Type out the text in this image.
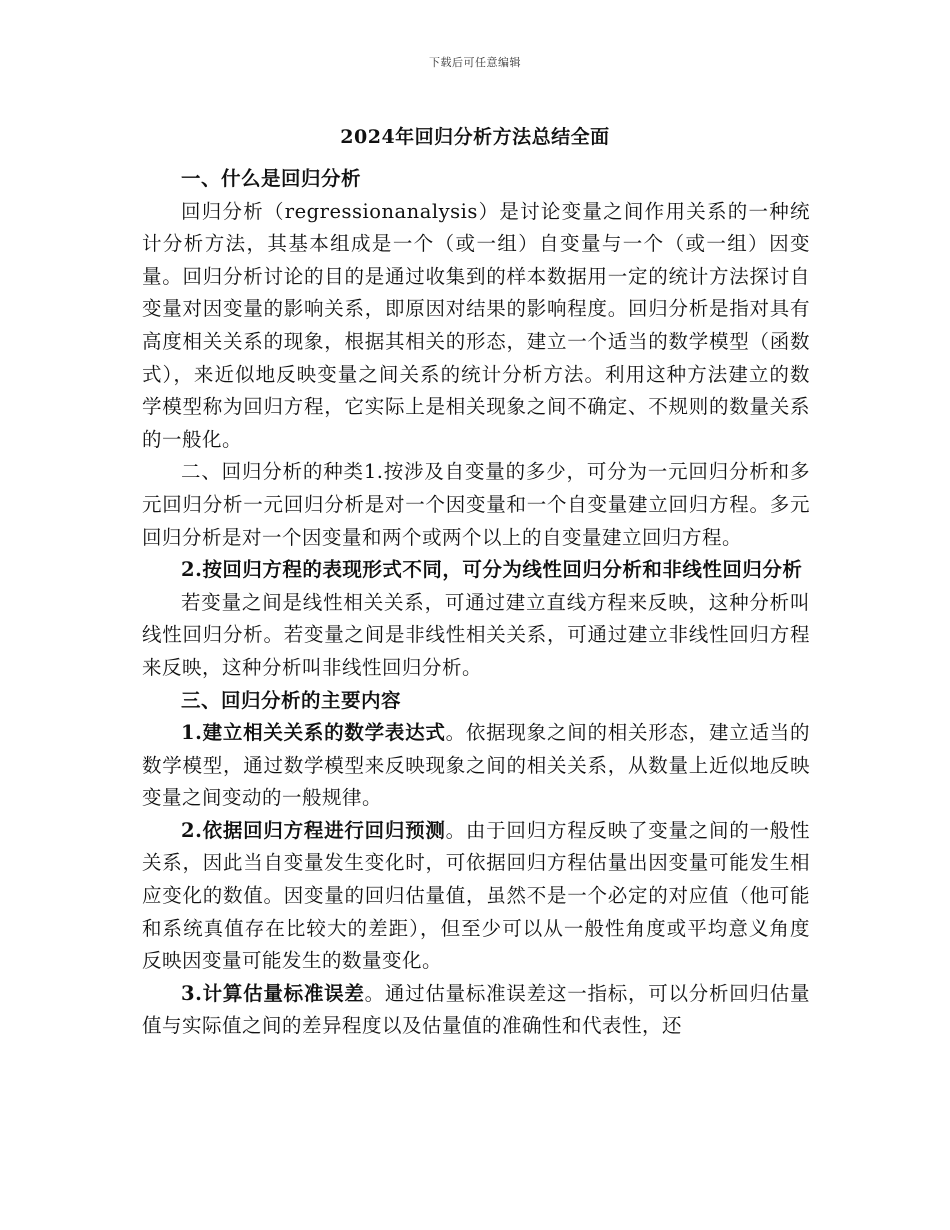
下载后可任意编辑
2024年回归分析方法总结全面
一、什么是回归分析

回归分析（regressionanalysis）是讨论变量之间作用关系的一种统计分析方法，其基本组成是一个（或一组）自变量与一个（或一组）因变量。回归分析讨论的目的是通过收集到的样本数据用一定的统计方法探讨自变量对因变量的影响关系，即原因对结果的影响程度。回归分析是指对具有高度相关关系的现象，根据其相关的形态，建立一个适当的数学模型（函数式），来近似地反映变量之间关系的统计分析方法。利用这种方法建立的数学模型称为回归方程，它实际上是相关现象之间不确定、不规则的数量关系的一般化。

二、回归分析的种类1.按涉及自变量的多少，可分为一元回归分析和多元回归分析一元回归分析是对一个因变量和一个自变量建立回归方程。多元回归分析是对一个因变量和两个或两个以上的自变量建立回归方程。

2.按回归方程的表现形式不同，可分为线性回归分析和非线性回归分析

若变量之间是线性相关关系，可通过建立直线方程来反映，这种分析叫线性回归分析。若变量之间是非线性相关关系，可通过建立非线性回归方程来反映，这种分析叫非线性回归分析。

三、回归分析的主要内容

1.建立相关关系的数学表达式。依据现象之间的相关形态，建立适当的数学模型，通过数学模型来反映现象之间的相关关系，从数量上近似地反映变量之间变动的一般规律。

2.依据回归方程进行回归预测。由于回归方程反映了变量之间的一般性关系，因此当自变量发生变化时，可依据回归方程估量出因变量可能发生相应变化的数值。因变量的回归估量值，虽然不是一个必定的对应值（他可能和系统真值存在比较大的差距），但至少可以从一般性角度或平均意义角度反映因变量可能发生的数量变化。

3.计算估量标准误差。通过估量标准误差这一指标，可以分析回归估量值与实际值之间的差异程度以及估量值的准确性和代表性，还
